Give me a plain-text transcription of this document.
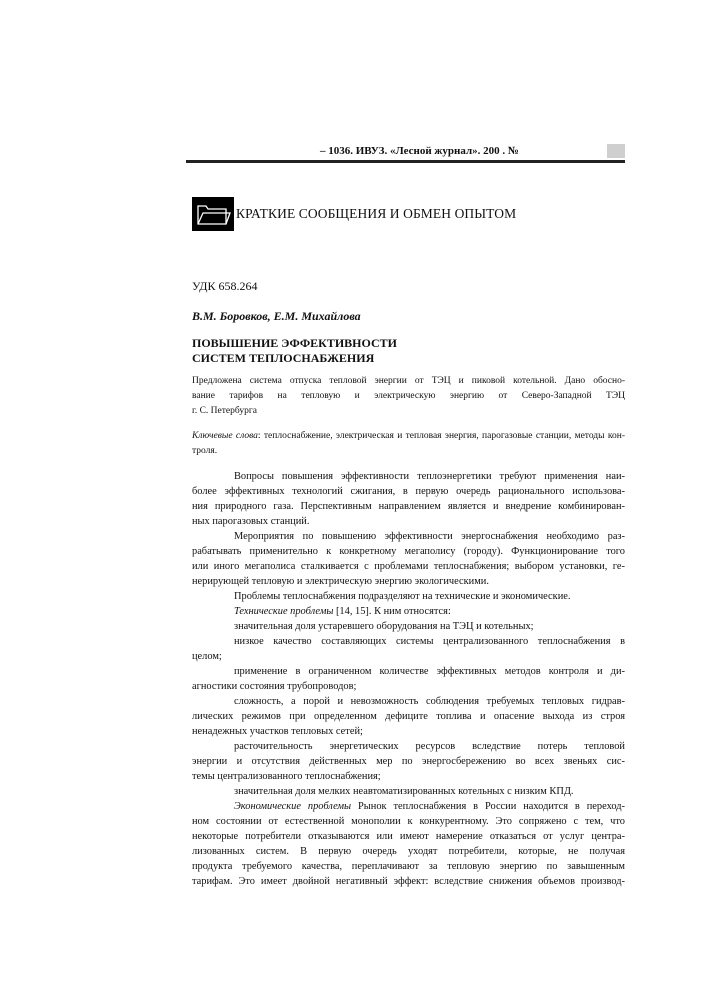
– 1036. ИВУЗ. «Лесной журнал». 200 . №
КРАТКИЕ СООБЩЕНИЯ И ОБМЕН ОПЫТОМ
УДК 658.264
В.М. Боровков, Е.М. Михайлова
ПОВЫШЕНИЕ ЭФФЕКТИВНОСТИ
СИСТЕМ ТЕПЛОСНАБЖЕНИЯ
Предложена система отпуска тепловой энергии от ТЭЦ и пиковой котельной. Дано обосно-
вание тарифов на тепловую и электрическую энергию от Северо-Западной ТЭЦ
г. С. Петербурга
Ключевые слова: теплоснабжение, электрическая и тепловая энергия, парогазовые станции, методы кон-
троля.
Вопросы повышения эффективности теплоэнергетики требуют применения наи-
более эффективных технологий сжигания, в первую очередь рационального использова-
ния природного газа. Перспективным направлением является и внедрение комбинирован-
ных парогазовых станций.
Мероприятия по повышению эффективности энергоснабжения необходимо раз-
рабатывать применительно к конкретному мегаполису (городу). Функционирование того
или иного мегаполиса сталкивается с проблемами теплоснабжения; выбором установки, ге-
нерирующей тепловую и электрическую энергию экологическими.
Проблемы теплоснабжения подразделяют на технические и экономические.
Технические проблемы [14, 15]. К ним относятся:
значительная доля устаревшего оборудования на ТЭЦ и котельных;
низкое качество составляющих системы централизованного теплоснабжения в
целом;
применение в ограниченном количестве эффективных методов контроля и ди-
агностики состояния трубопроводов;
сложность, а порой и невозможность соблюдения требуемых тепловых гидрав-
лических режимов при определенном дефиците топлива и опасение выхода из строя
ненадежных участков тепловых сетей;
расточительность энергетических ресурсов вследствие потерь тепловой
энергии и отсутствия действенных мер по энергосбережению во всех звеньях сис-
темы централизованного теплоснабжения;
значительная доля мелких неавтоматизированных котельных с низким КПД.
Экономические проблемы Рынок теплоснабжения в России находится в переход-
ном состоянии от естественной монополии к конкурентному. Это сопряжено с тем, что
некоторые потребители отказываются или имеют намерение отказаться от услуг центра-
лизованных систем. В первую очередь уходят потребители, которые, не получая
продукта требуемого качества, переплачивают за тепловую энергию по завышенным
тарифам. Это имеет двойной негативный эффект: вследствие снижения объемов производ-
